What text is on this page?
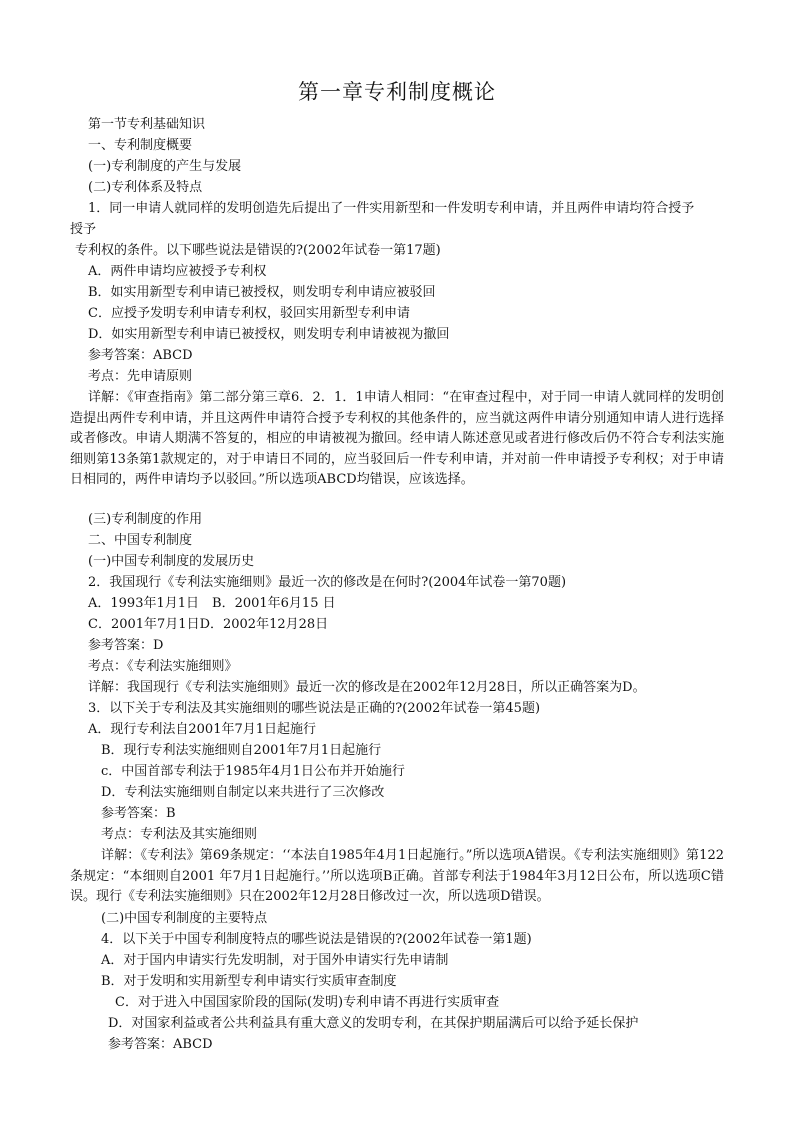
第一章专利制度概论
第一节专利基础知识
一、专利制度概要
(一)专利制度的产生与发展
(二)专利体系及特点
1．同一申请人就同样的发明创造先后提出了一件实用新型和一件发明专利申请，并且两件申请均符合授予
授予
专利权的条件。以下哪些说法是错误的?(2002年试卷一第17题)
A．两件申请均应被授予专利权
B．如实用新型专利申请已被授权，则发明专利申请应被驳回
C．应授予发明专利申请专利权，驳回实用新型专利申请
D．如实用新型专利申请已被授权，则发明专利申请被视为撤回
参考答案：ABCD
考点：先申请原则
详解：《审查指南》第二部分第三章6．2．1．1申请人相同：“在审查过程中，对于同一申请人就同样的发明创造提出两件专利申请，并且这两件申请符合授予专利权的其他条件的，应当就这两件申请分别通知申请人进行选择或者修改。申请人期满不答复的，相应的申请被视为撤回。经申请人陈述意见或者进行修改后仍不符合专利法实施细则第13条第1款规定的，对于申请日不同的，应当驳回后一件专利申请，并对前一件申请授予专利权；对于申请日相同的，两件申请均予以驳回。”所以选项ABCD均错误，应该选择。
(三)专利制度的作用
二、中国专利制度
(一)中国专利制度的发展历史
2．我国现行《专利法实施细则》最近一次的修改是在何时?(2004年试卷一第70题)
A．1993年1月1日　B．2001年6月15 日
C．2001年7月1日D．2002年12月28日
参考答案：D
考点：《专利法实施细则》
详解：我国现行《专利法实施细则》最近一次的修改是在2002年12月28日，所以正确答案为D。
3．以下关于专利法及其实施细则的哪些说法是正确的?(2002年试卷一第45题)
A．现行专利法自2001年7月1日起施行
B．现行专利法实施细则自2001年7月1日起施行
c．中国首部专利法于1985年4月1日公布并开始施行
D．专利法实施细则自制定以来共进行了三次修改
参考答案：B
考点：专利法及其实施细则
详解：《专利法》第69条规定：‘‘本法自1985年4月1日起施行。”所以选项A错误。《专利法实施细则》第122条规定：“本细则自2001 年7月1日起施行。’’所以选项B正确。首部专利法于1984年3月12日公布，所以选项C错误。现行《专利法实施细则》只在2002年12月28日修改过一次，所以选项D错误。
(二)中国专利制度的主要特点
4．以下关于中国专利制度特点的哪些说法是错误的?(2002年试卷一第1题)
A．对于国内申请实行先发明制，对于国外申请实行先申请制
B．对于发明和实用新型专利申请实行实质审查制度
C．对于进入中国国家阶段的国际(发明)专利申请不再进行实质审查
D．对国家利益或者公共利益具有重大意义的发明专利，在其保护期届满后可以给予延长保护
参考答案：ABCD
